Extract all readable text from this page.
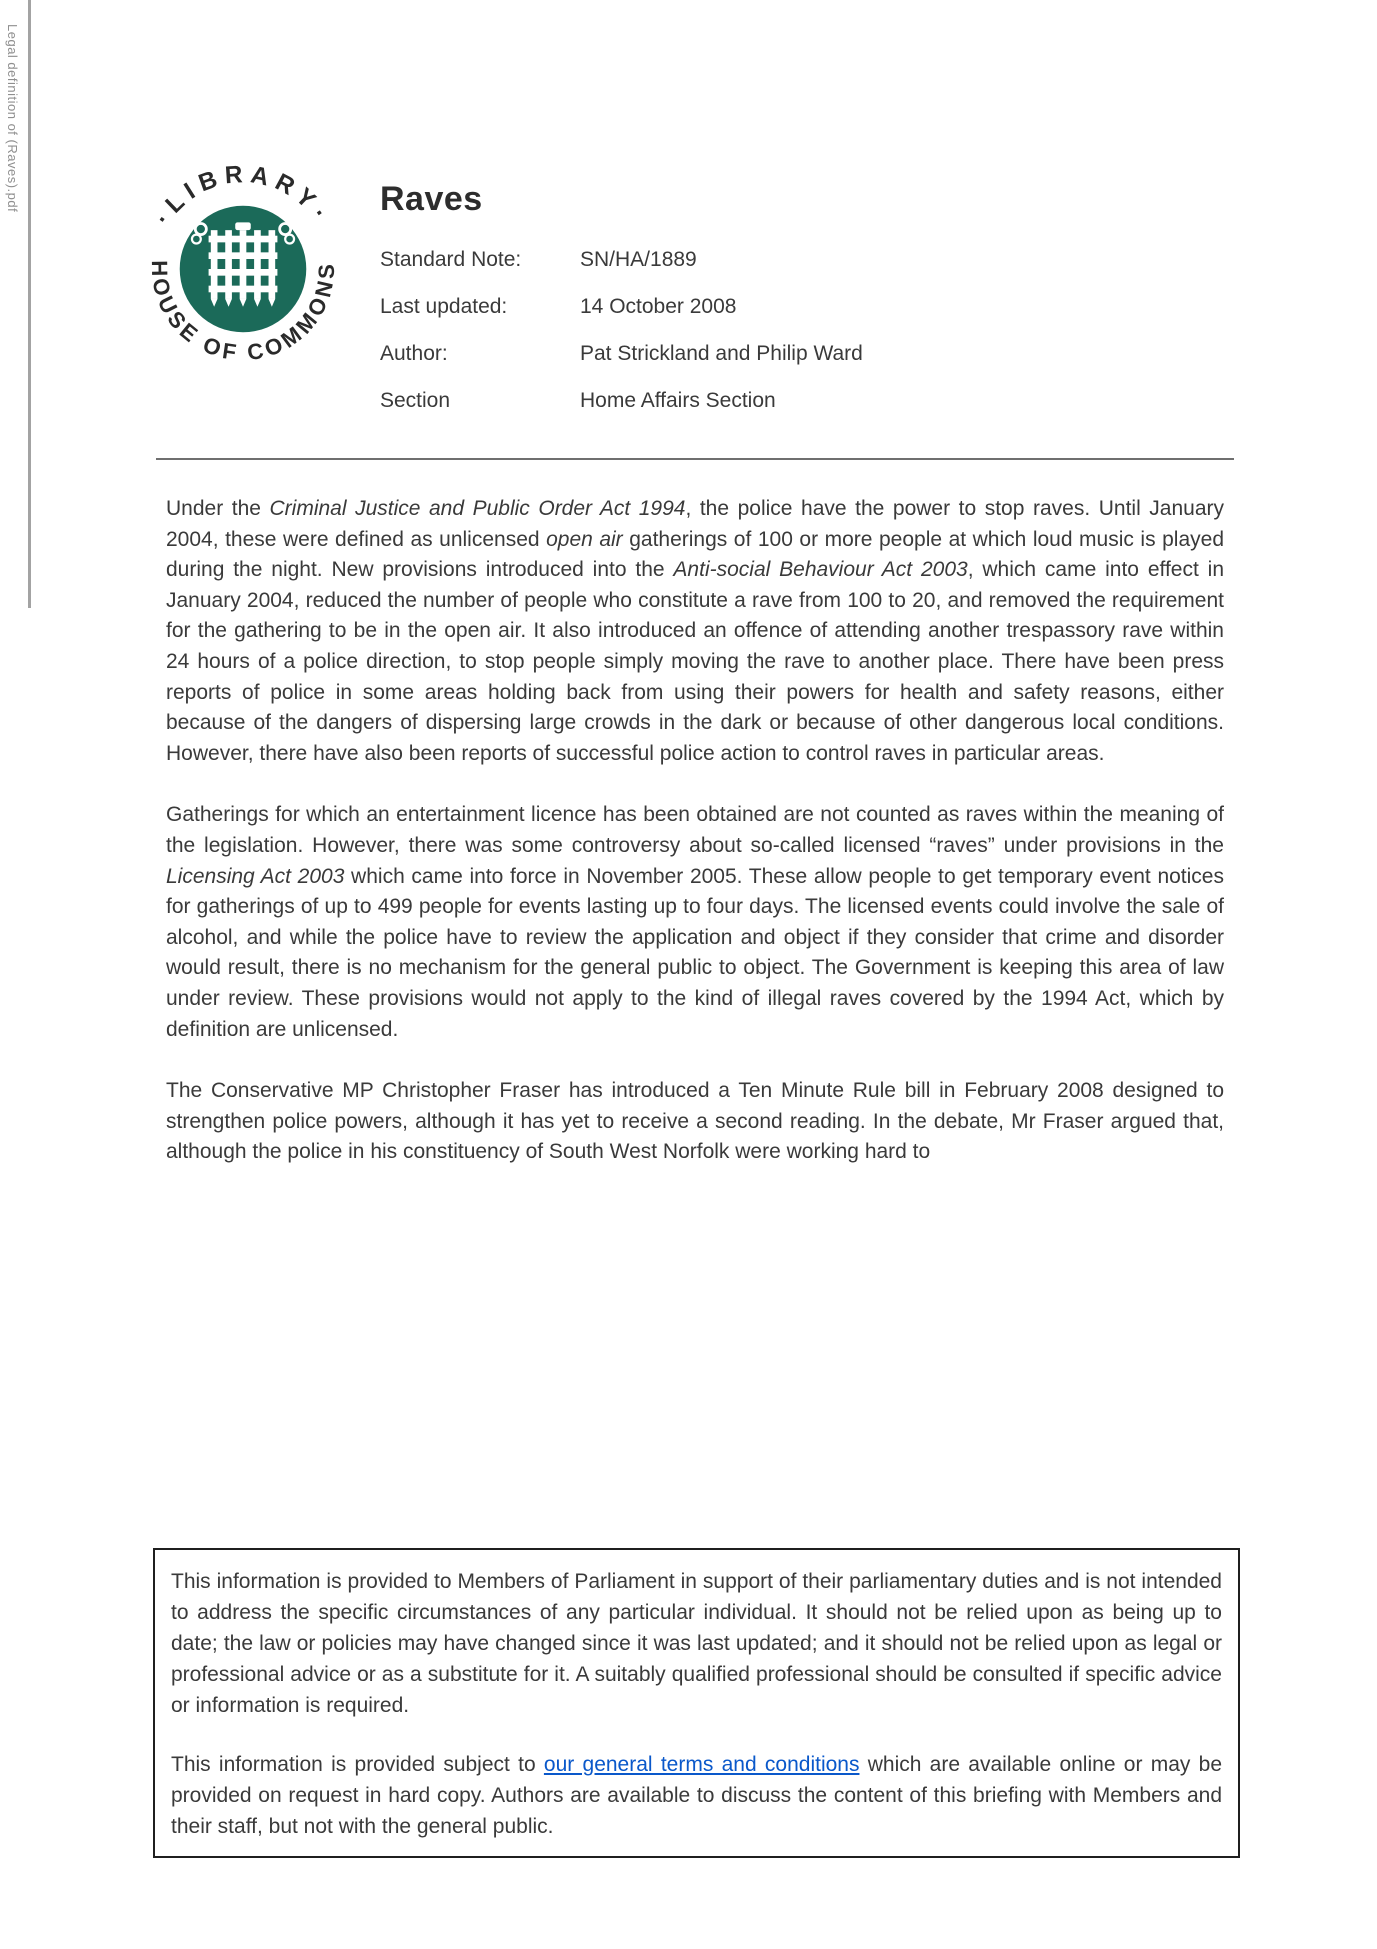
Legal definition of (Raves).pdf
·LIBRARY·
HOUSE OF COMMONS
Raves
Standard Note:	SN/HA/1889
Last updated:	14 October 2008
Author:	Pat Strickland and Philip Ward
Section	Home Affairs Section

Under the Criminal Justice and Public Order Act 1994, the police have the power to stop raves. Until January 2004, these were defined as unlicensed open air gatherings of 100 or more people at which loud music is played during the night. New provisions introduced into the Anti-social Behaviour Act 2003, which came into effect in January 2004, reduced the number of people who constitute a rave from 100 to 20, and removed the requirement for the gathering to be in the open air. It also introduced an offence of attending another trespassory rave within 24 hours of a police direction, to stop people simply moving the rave to another place. There have been press reports of police in some areas holding back from using their powers for health and safety reasons, either because of the dangers of dispersing large crowds in the dark or because of other dangerous local conditions. However, there have also been reports of successful police action to control raves in particular areas.

Gatherings for which an entertainment licence has been obtained are not counted as raves within the meaning of the legislation. However, there was some controversy about so-called licensed “raves” under provisions in the Licensing Act 2003 which came into force in November 2005. These allow people to get temporary event notices for gatherings of up to 499 people for events lasting up to four days. The licensed events could involve the sale of alcohol, and while the police have to review the application and object if they consider that crime and disorder would result, there is no mechanism for the general public to object. The Government is keeping this area of law under review. These provisions would not apply to the kind of illegal raves covered by the 1994 Act, which by definition are unlicensed.

The Conservative MP Christopher Fraser has introduced a Ten Minute Rule bill in February 2008 designed to strengthen police powers, although it has yet to receive a second reading. In the debate, Mr Fraser argued that, although the police in his constituency of South West Norfolk were working hard to

This information is provided to Members of Parliament in support of their parliamentary duties and is not intended to address the specific circumstances of any particular individual. It should not be relied upon as being up to date; the law or policies may have changed since it was last updated; and it should not be relied upon as legal or professional advice or as a substitute for it. A suitably qualified professional should be consulted if specific advice or information is required.

This information is provided subject to our general terms and conditions which are available online or may be provided on request in hard copy. Authors are available to discuss the content of this briefing with Members and their staff, but not with the general public.
